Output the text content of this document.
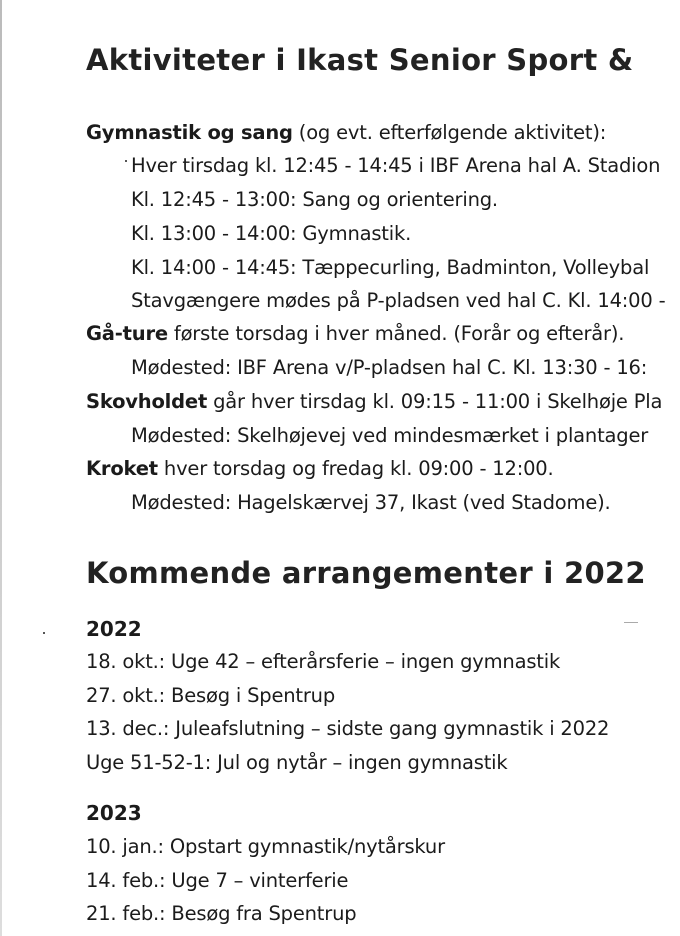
Aktiviteter i Ikast Senior Sport &
Gymnastik og sang (og evt. efterfølgende aktivitet):
Hver tirsdag kl. 12:45 - 14:45 i IBF Arena hal A. Stadion
Kl. 12:45 - 13:00: Sang og orientering.
Kl. 13:00 - 14:00: Gymnastik.
Kl. 14:00 - 14:45: Tæppecurling, Badminton, Volleybal
Stavgængere mødes på P-pladsen ved hal C. Kl. 14:00 -
Gå-ture første torsdag i hver måned. (Forår og efterår).
Mødested: IBF Arena v/P-pladsen hal C. Kl. 13:30 - 16:
Skovholdet går hver tirsdag kl. 09:15 - 11:00 i Skelhøje Pla
Mødested: Skelhøjevej ved mindesmærket i plantager
Kroket hver torsdag og fredag kl. 09:00 - 12:00.
Mødested: Hagelskærvej 37, Ikast (ved Stadome).
Kommende arrangementer i 2022
2022
18. okt.: Uge 42 – efterårsferie – ingen gymnastik
27. okt.: Besøg i Spentrup
13. dec.: Juleafslutning – sidste gang gymnastik i 2022
Uge 51-52-1: Jul og nytår – ingen gymnastik
2023
10. jan.: Opstart gymnastik/nytårskur
14. feb.: Uge 7 – vinterferie
21. feb.: Besøg fra Spentrup
